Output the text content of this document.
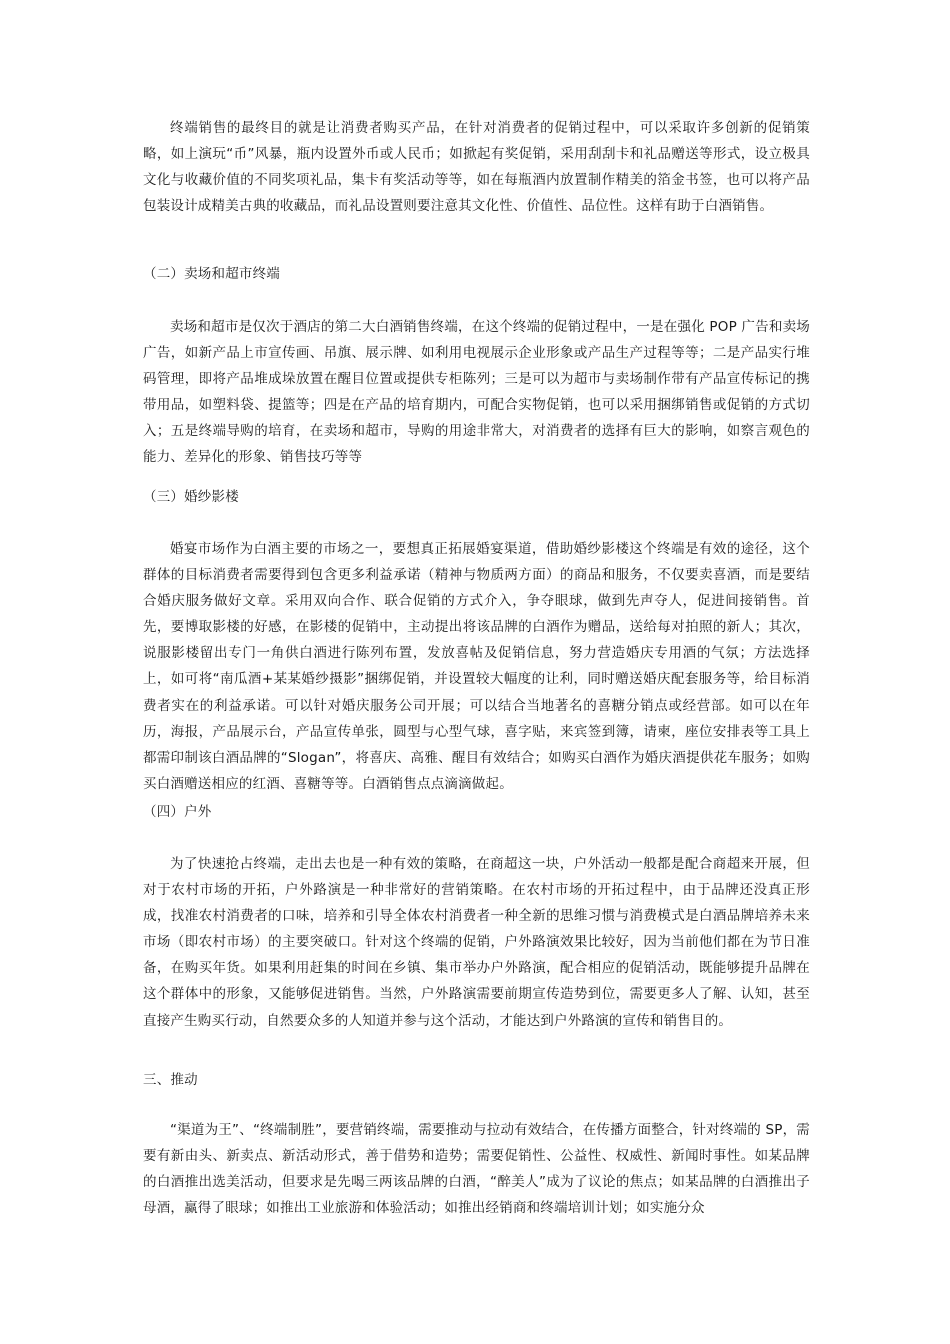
终端销售的最终目的就是让消费者购买产品，在针对消费者的促销过程中，可以采取许多创新的促销策略，如上演玩“币”风暴，瓶内设置外币或人民币；如掀起有奖促销，采用刮刮卡和礼品赠送等形式，设立极具文化与收藏价值的不同奖项礼品，集卡有奖活动等等，如在每瓶酒内放置制作精美的箔金书签，也可以将产品包装设计成精美古典的收藏品，而礼品设置则要注意其文化性、价值性、品位性。这样有助于白酒销售。

（二）卖场和超市终端

卖场和超市是仅次于酒店的第二大白酒销售终端，在这个终端的促销过程中，一是在强化 POP 广告和卖场广告，如新产品上市宣传画、吊旗、展示牌、如利用电视展示企业形象或产品生产过程等等；二是产品实行堆码管理，即将产品堆成垛放置在醒目位置或提供专柜陈列；三是可以为超市与卖场制作带有产品宣传标记的携带用品，如塑料袋、提篮等；四是在产品的培育期内，可配合实物促销，也可以采用捆绑销售或促销的方式切入；五是终端导购的培育，在卖场和超市，导购的用途非常大，对消费者的选择有巨大的影响，如察言观色的能力、差异化的形象、销售技巧等等

（三）婚纱影楼

婚宴市场作为白酒主要的市场之一，要想真正拓展婚宴渠道，借助婚纱影楼这个终端是有效的途径，这个群体的目标消费者需要得到包含更多利益承诺（精神与物质两方面）的商品和服务，不仅要卖喜酒，而是要结合婚庆服务做好文章。采用双向合作、联合促销的方式介入，争夺眼球，做到先声夺人，促进间接销售。首先，要博取影楼的好感，在影楼的促销中，主动提出将该品牌的白酒作为赠品，送给每对拍照的新人；其次，说服影楼留出专门一角供白酒进行陈列布置，发放喜帖及促销信息，努力营造婚庆专用酒的气氛；方法选择上，如可将“南瓜酒+某某婚纱摄影”捆绑促销，并设置较大幅度的让利，同时赠送婚庆配套服务等，给目标消费者实在的利益承诺。可以针对婚庆服务公司开展；可以结合当地著名的喜糖分销点或经营部。如可以在年历，海报，产品展示台，产品宣传单张，圆型与心型气球，喜字贴，来宾签到簿，请柬，座位安排表等工具上都需印制该白酒品牌的“Slogan”，将喜庆、高雅、醒目有效结合；如购买白酒作为婚庆酒提供花车服务；如购买白酒赠送相应的红酒、喜糖等等。白酒销售点点滴滴做起。

（四）户外

为了快速抢占终端，走出去也是一种有效的策略，在商超这一块，户外活动一般都是配合商超来开展，但对于农村市场的开拓，户外路演是一种非常好的营销策略。在农村市场的开拓过程中，由于品牌还没真正形成，找准农村消费者的口味，培养和引导全体农村消费者一种全新的思维习惯与消费模式是白酒品牌培养未来市场（即农村市场）的主要突破口。针对这个终端的促销，户外路演效果比较好，因为当前他们都在为节日准备，在购买年货。如果利用赶集的时间在乡镇、集市举办户外路演，配合相应的促销活动，既能够提升品牌在这个群体中的形象，又能够促进销售。当然，户外路演需要前期宣传造势到位，需要更多人了解、认知，甚至直接产生购买行动，自然要众多的人知道并参与这个活动，才能达到户外路演的宣传和销售目的。

三、推动

“渠道为王”、“终端制胜”，要营销终端，需要推动与拉动有效结合，在传播方面整合，针对终端的 SP，需要有新由头、新卖点、新活动形式，善于借势和造势；需要促销性、公益性、权威性、新闻时事性。如某品牌的白酒推出选美活动，但要求是先喝三两该品牌的白酒，“醉美人”成为了议论的焦点；如某品牌的白酒推出子母酒，赢得了眼球；如推出工业旅游和体验活动；如推出经销商和终端培训计划；如实施分众
